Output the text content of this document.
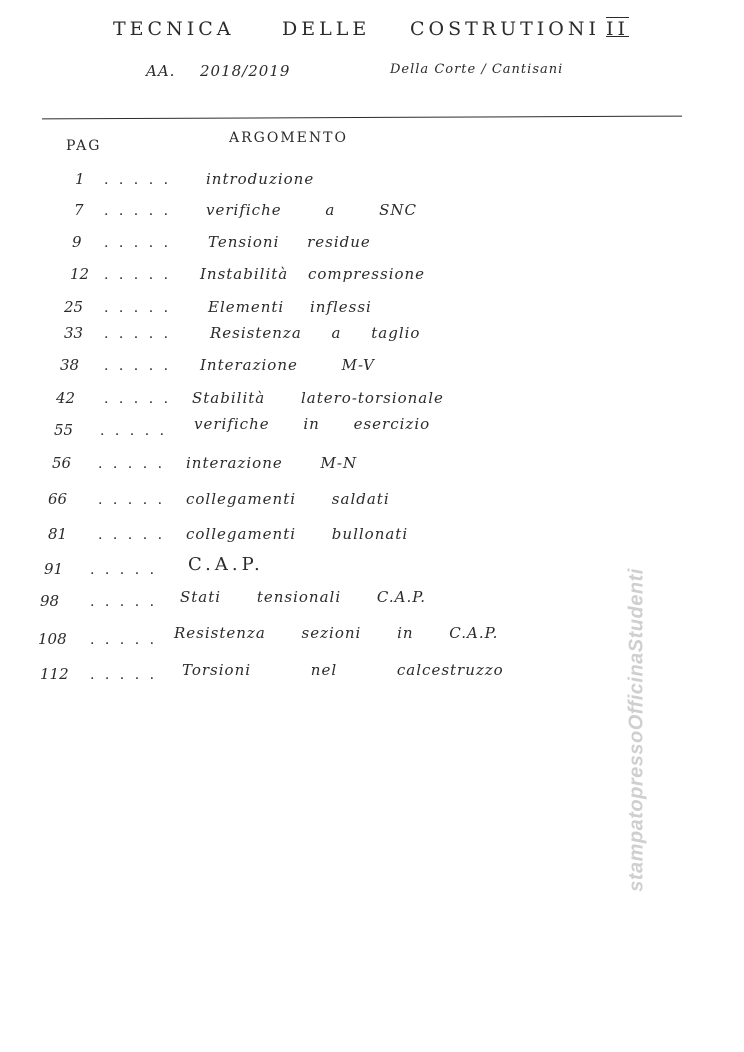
TECNICA	DELLE COSTRUTIONI II
AA. 2018/2019	Della Corte / Cantisani
PAG	ARGOMENTO
1 . . . . . introduzione
7 . . . . . verifiche a SNC
9 . . . . . Tensioni residue
12 . . . . . Instabilità compressione
25 . . . . . Elementi inflessi
33 . . . . .	Resistenza a taglio
38 . . . . . Interazione M-V
42 . . . . . Stabilità latero-torsionale
55 . . . . . verifiche in esercizio
56 . . . . . interazione M-N
66 . . . . . collegamenti saldati
81 . . . . . collegamenti bullonati
91 . . . . . C.A.P.
98 . . . . . Stati tensionali C.A.P.
108 . . . . . Resistenza sezioni in C.A.P.
112 . . . . . Torsioni nel calcestruzzo	stampatopressoOfficinaStudenti
